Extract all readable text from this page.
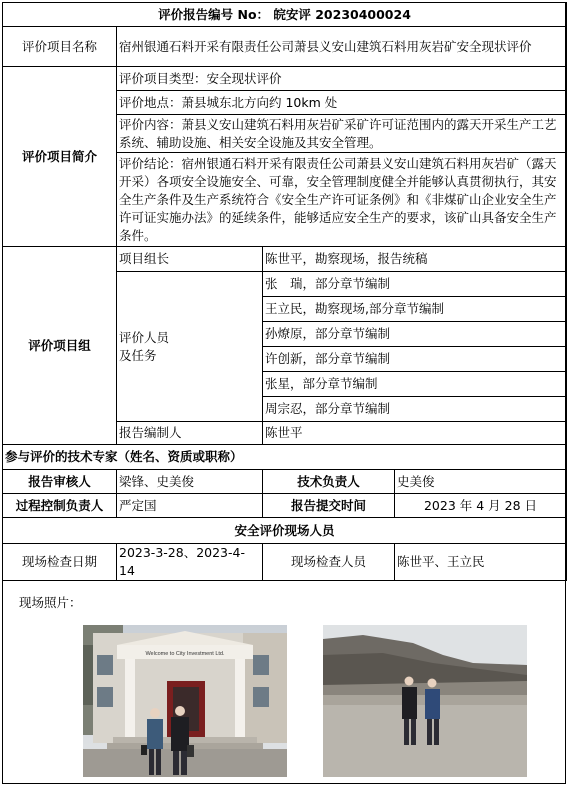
评价报告编号 No： 皖安评 20230400024			
评价项目名称	宿州银通石料开采有限责任公司萧县义安山建筑石料用灰岩矿安全现状评价		
评价项目简介	评价项目类型：安全现状评价		
	评价地点：萧县城东北方向约 10km 处		
	评价内容：萧县义安山建筑石料用灰岩矿采矿许可证范围内的露天开采生产工艺系统、辅助设施、相关安全设施及其安全管理。		
	评价结论：宿州银通石料开采有限责任公司萧县义安山建筑石料用灰岩矿（露天开采）各项安全设施安全、可靠，安全管理制度健全并能够认真贯彻执行，其安全生产条件及生产系统符合《安全生产许可证条例》和《非煤矿山企业安全生产许可证实施办法》的延续条件，能够适应安全生产的要求，该矿山具备安全生产条件。		
评价项目组	项目组长	陈世平，勘察现场，报告统稿	
	评价人员及任务	张　瑞，部分章节编制	
		王立民，勘察现场,部分章节编制	
		孙燎原，部分章节编制	
		许创新，部分章节编制	
		张星，部分章节编制	
		周宗忍，部分章节编制	
	报告编制人	陈世平	
参与评价的技术专家（姓名、资质或职称）			
报告审核人	梁锋、史美俊	技术负责人	史美俊
过程控制负责人	严定国	报告提交时间	2023 年 4 月 28 日
安全评价现场人员			
现场检查日期	2023-3-28、2023-4-14	现场检查人员	陈世平、王立民
现场照片：
Welcome to City Investment Ltd.
